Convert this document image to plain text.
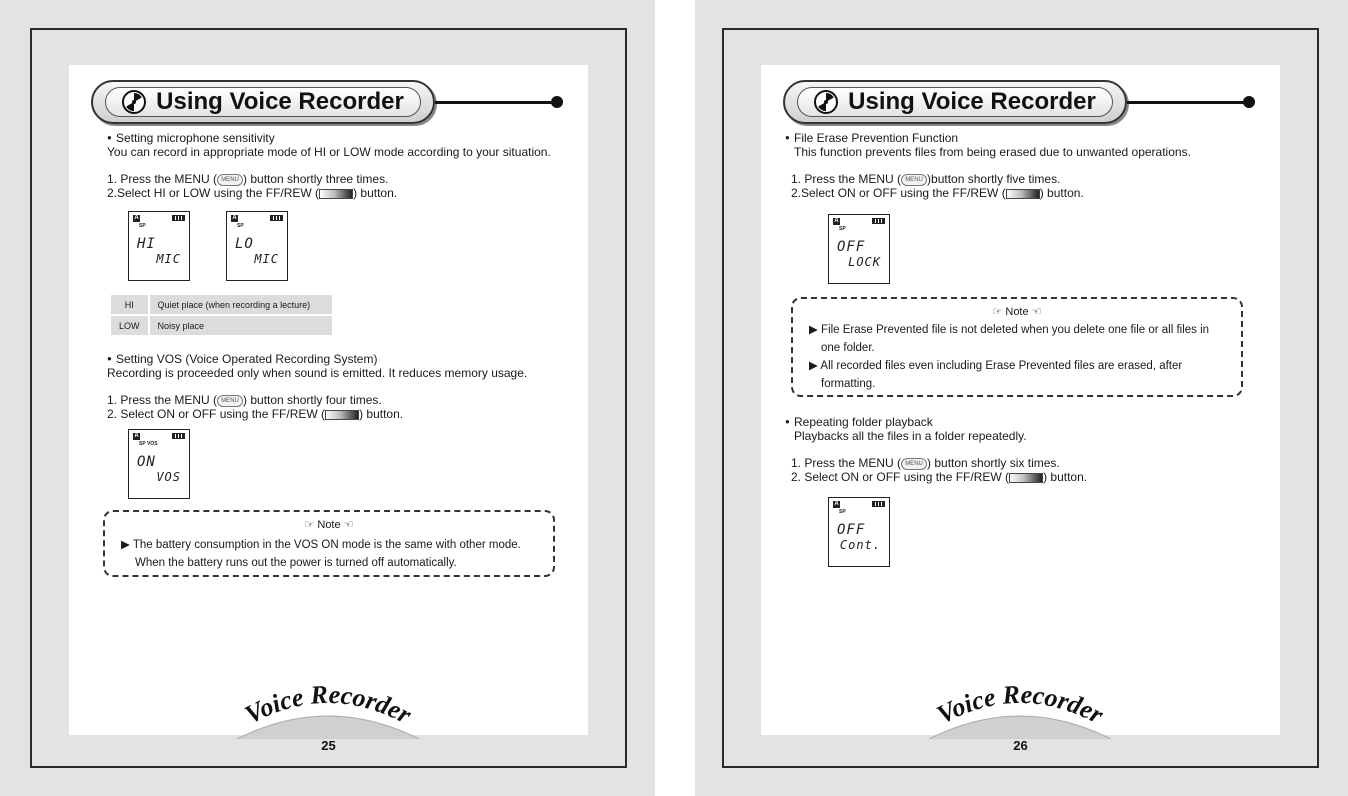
Using Voice Recorder
● Setting microphone sensitivity
You can record in appropriate mode of HI or LOW mode according to your situation.
1. Press the MENU ( MENU ) button shortly three times.
2.Select HI or LOW using the FF/REW (	) button.
A
SP
HI
MIC
A
SP
LO
MIC
HI	Quiet place (when recording a lecture)
LOW	Noisy place
● Setting VOS (Voice Operated Recording System)
Recording is proceeded only when sound is emitted. It reduces memory usage.
1. Press the MENU ( MENU ) button shortly four times.
2. Select ON or OFF using the FF/REW (	) button.
A
SP VOS
ON
VOS
☞ Note ☜
▶ The battery consumption in the VOS ON mode is the same with other mode.
When the battery runs out the power is turned off automatically.
Voice Recorder
25
Using Voice Recorder
● File Erase Prevention Function
This function prevents files from being erased due to unwanted operations.
1. Press the MENU ( MENU )button shortly five times.
2.Select ON or OFF using the FF/REW (	) button.
A
SP
OFF
LOCK
☞ Note ☜
▶ File Erase Prevented file is not deleted when you delete one file or all files in
one folder.
▶ All recorded files even including Erase Prevented files are erased, after
formatting.
● Repeating folder playback
Playbacks all the files in a folder repeatedly.
1. Press the MENU ( MENU ) button shortly six times.
2. Select ON or OFF using the FF/REW (	) button.
A
SP
OFF
Cont.
Voice Recorder
26
